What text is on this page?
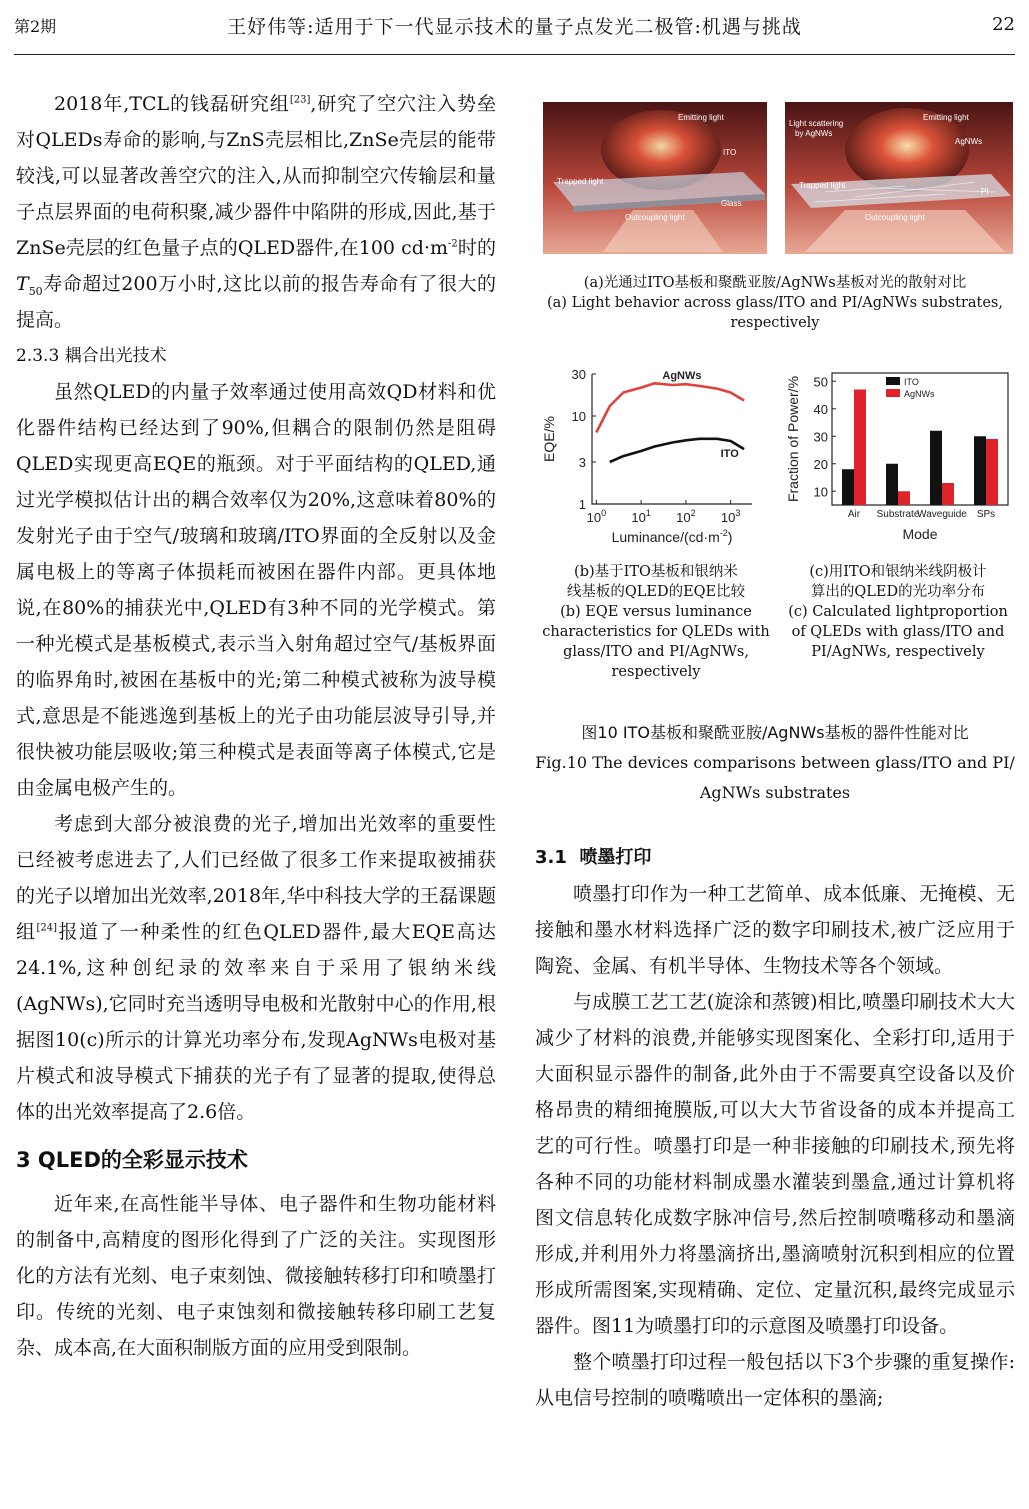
第2期	王妤伟等:适用于下一代显示技术的量子点发光二极管:机遇与挑战	22

2018年,TCL的钱磊研究组[23],研究了空穴注入势垒对QLEDs寿命的影响,与ZnS壳层相比,ZnSe壳层的能带较浅,可以显著改善空穴的注入,从而抑制空穴传输层和量子点层界面的电荷积聚,减少器件中陷阱的形成,因此,基于ZnSe壳层的红色量子点的QLED器件,在100 $cd\cdot m^{-2}$时的$T_{50}$寿命超过200万小时,这比以前的报告寿命有了很大的提高。

2.3.3 耦合出光技术

虽然QLED的内量子效率通过使用高效QD材料和优化器件结构已经达到了90%,但耦合的限制仍然是阻碍QLED实现更高EQE的瓶颈。对于平面结构的QLED,通过光学模拟估计出的耦合效率仅为20%,这意味着80%的发射光子由于空气/玻璃和玻璃/ITO界面的全反射以及金属电极上的等离子体损耗而被困在器件内部。更具体地说,在80%的捕获光中,QLED有3种不同的光学模式。第一种光模式是基板模式,表示当入射角超过空气/基板界面的临界角时,被困在基板中的光;第二种模式被称为波导模式,意思是不能逃逸到基板上的光子由功能层波导引导,并很快被功能层吸收;第三种模式是表面等离子体模式,它是由金属电极产生的。

考虑到大部分被浪费的光子,增加出光效率的重要性已经被考虑进去了,人们已经做了很多工作来提取被捕获的光子以增加出光效率,2018年,华中科技大学的王磊课题组[24]报道了一种柔性的红色QLED器件,最大EQE高达24.1%,这种创纪录的效率来自于采用了银纳米线(AgNWs),它同时充当透明导电极和光散射中心的作用,根据图10(c)所示的计算光功率分布,发现AgNWs电极对基片模式和波导模式下捕获的光子有了显著的提取,使得总体的出光效率提高了2.6倍。

3 QLED的全彩显示技术

近年来,在高性能半导体、电子器件和生物功能材料的制备中,高精度的图形化得到了广泛的关注。实现图形化的方法有光刻、电子束刻蚀、微接触转移打印和喷墨打印。传统的光刻、电子束蚀刻和微接触转移印刷工艺复杂、成本高,在大面积制版方面的应用受到限制。

Emitting light
ITO
Trapped light
Glass
Outcoupling light
Emitting light
Light scattering
by AgNWs
AgNWs
Trapped light
PI
Outcoupling light
(a)光通过ITO基板和聚酰亚胺/AgNWs基板对光的散射对比
(a) Light behavior across glass/ITO and PI/AgNWs substrates,
respectively
1
3
10
30
$10^0$ $10^1$ $10^2$ $10^3$
Luminance/$(cd\cdot m^{-2})$
EQE/%
AgNWs
ITO
10
20
30
40
50
Air Substrate
Waveguide SPs
Mode
Fraction of Power/%	ITO
AgNWs
(b)基于ITO基板和银纳米
线基板的QLED的EQE比较
(b) EQE versus luminance
characteristics for QLEDs with
glass/ITO and PI/AgNWs,
respectively
(c)用ITO和银纳米线阴极计
算出的QLED的光功率分布
(c) Calculated lightproportion
of QLEDs with glass/ITO and
PI/AgNWs, respectively
图10 ITO基板和聚酰亚胺/AgNWs基板的器件性能对比
Fig.10 The devices comparisons between glass/ITO and PI/
AgNWs substrates
3.1 喷墨打印

喷墨打印作为一种工艺简单、成本低廉、无掩模、无接触和墨水材料选择广泛的数字印刷技术,被广泛应用于陶瓷、金属、有机半导体、生物技术等各个领域。

与成膜工艺工艺(旋涂和蒸镀)相比,喷墨印刷技术大大减少了材料的浪费,并能够实现图案化、全彩打印,适用于大面积显示器件的制备,此外由于不需要真空设备以及价格昂贵的精细掩膜版,可以大大节省设备的成本并提高工艺的可行性。喷墨打印是一种非接触的印刷技术,预先将各种不同的功能材料制成墨水灌装到墨盒,通过计算机将图文信息转化成数字脉冲信号,然后控制喷嘴移动和墨滴形成,并利用外力将墨滴挤出,墨滴喷射沉积到相应的位置形成所需图案,实现精确、定位、定量沉积,最终完成显示器件。图11为喷墨打印的示意图及喷墨打印设备。

整个喷墨打印过程一般包括以下3个步骤的重复操作:从电信号控制的喷嘴喷出一定体积的墨滴;
